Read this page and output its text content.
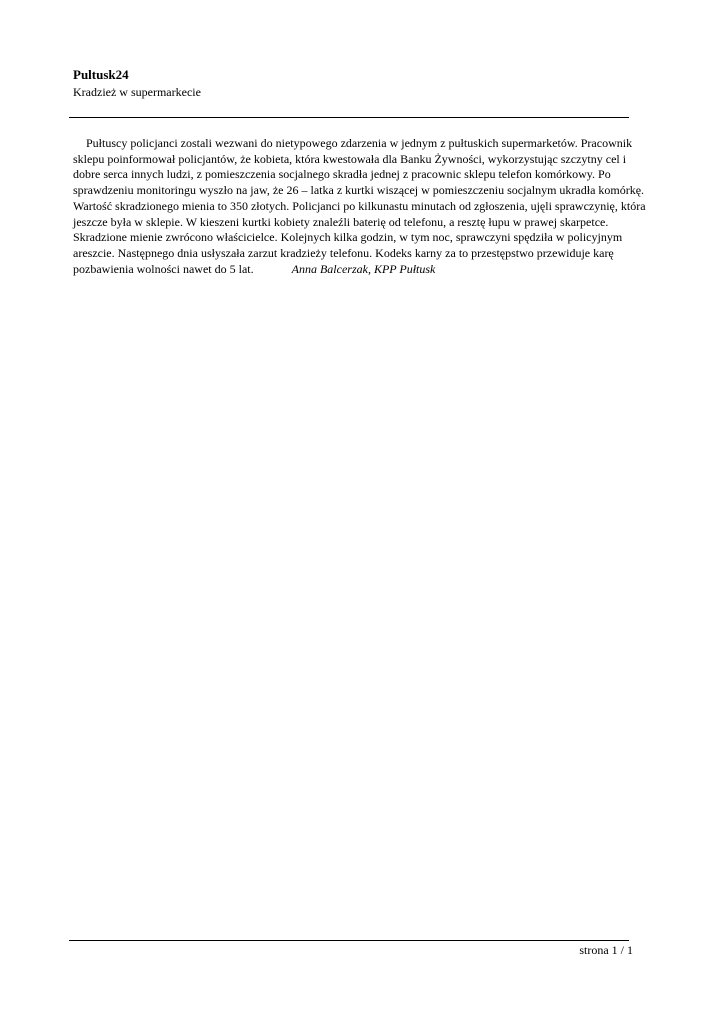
Pultusk24
Kradzież w supermarkecie

Pułtuscy policjanci zostali wezwani do nietypowego zdarzenia w jednym z pułtuskich supermarketów. Pracownik
sklepu poinformował policjantów, że kobieta, która kwestowała dla Banku Żywności, wykorzystując szczytny cel i
dobre serca innych ludzi, z pomieszczenia socjalnego skradła jednej z pracownic sklepu telefon komórkowy. Po
sprawdzeniu monitoringu wyszło na jaw, że 26 – latka z kurtki wiszącej w pomieszczeniu socjalnym ukradła komórkę.
Wartość skradzionego mienia to 350 złotych. Policjanci po kilkunastu minutach od zgłoszenia, ujęli sprawczynię, która
jeszcze była w sklepie. W kieszeni kurtki kobiety znaleźli baterię od telefonu, a resztę łupu w prawej skarpetce.
Skradzione mienie zwrócono właścicielce. Kolejnych kilka godzin, w tym noc, sprawczyni spędziła w policyjnym
areszcie. Następnego dnia usłyszała zarzut kradzieży telefonu. Kodeks karny za to przestępstwo przewiduje karę
pozbawienia wolności nawet do 5 lat.	Anna Balcerzak, KPP Pułtusk

strona 1 / 1
